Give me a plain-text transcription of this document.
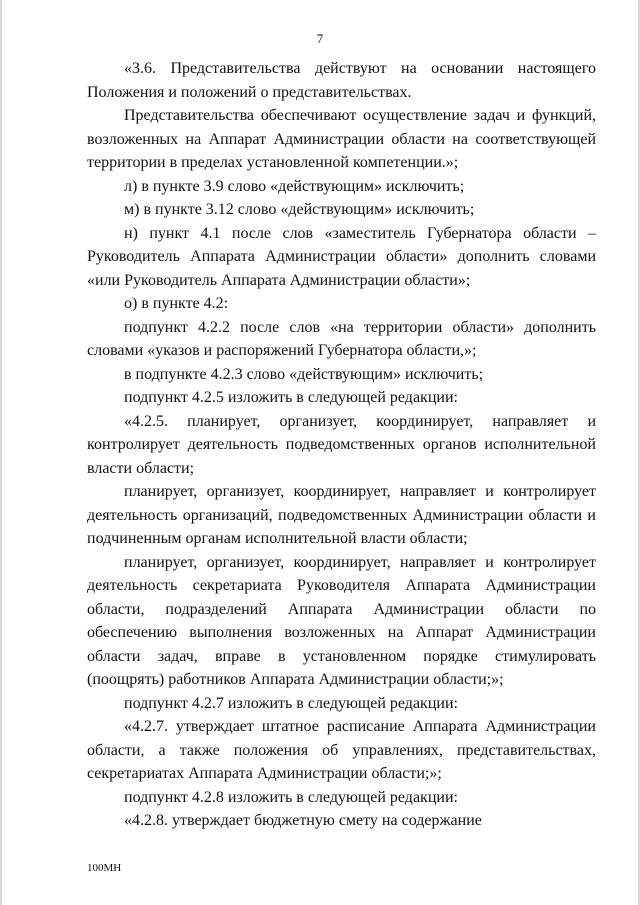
7

«3.6. Представительства действуют на основании настоящего Положения и положений о представительствах.

Представительства обеспечивают осуществление задач и функций, возложенных на Аппарат Администрации области на соответствующей территории в пределах установленной компетенции.»;

л) в пункте 3.9 слово «действующим» исключить;

м) в пункте 3.12 слово «действующим» исключить;

н) пункт 4.1 после слов «заместитель Губернатора области – Руководитель Аппарата Администрации области» дополнить словами «или Руководитель Аппарата Администрации области»;

о) в пункте 4.2:

подпункт 4.2.2 после слов «на территории области» дополнить словами «указов и распоряжений Губернатора области,»;

в подпункте 4.2.3 слово «действующим» исключить;

подпункт 4.2.5 изложить в следующей редакции:

«4.2.5. планирует, организует, координирует, направляет и контролирует деятельность подведомственных органов исполнительной власти области;

планирует, организует, координирует, направляет и контролирует деятельность организаций, подведомственных Администрации области и подчиненным органам исполнительной власти области;

планирует, организует, координирует, направляет и контролирует деятельность секретариата Руководителя Аппарата Администрации области, подразделений Аппарата Администрации области по обеспечению выполнения возложенных на Аппарат Администрации области задач, вправе в установленном порядке стимулировать (поощрять) работников Аппарата Администрации области;»;

подпункт 4.2.7 изложить в следующей редакции:

«4.2.7. утверждает штатное расписание Аппарата Администрации области, а также положения об управлениях, представительствах, секретариатах Аппарата Администрации области;»;

подпункт 4.2.8 изложить в следующей редакции:

«4.2.8. утверждает бюджетную смету на содержание

100МН
